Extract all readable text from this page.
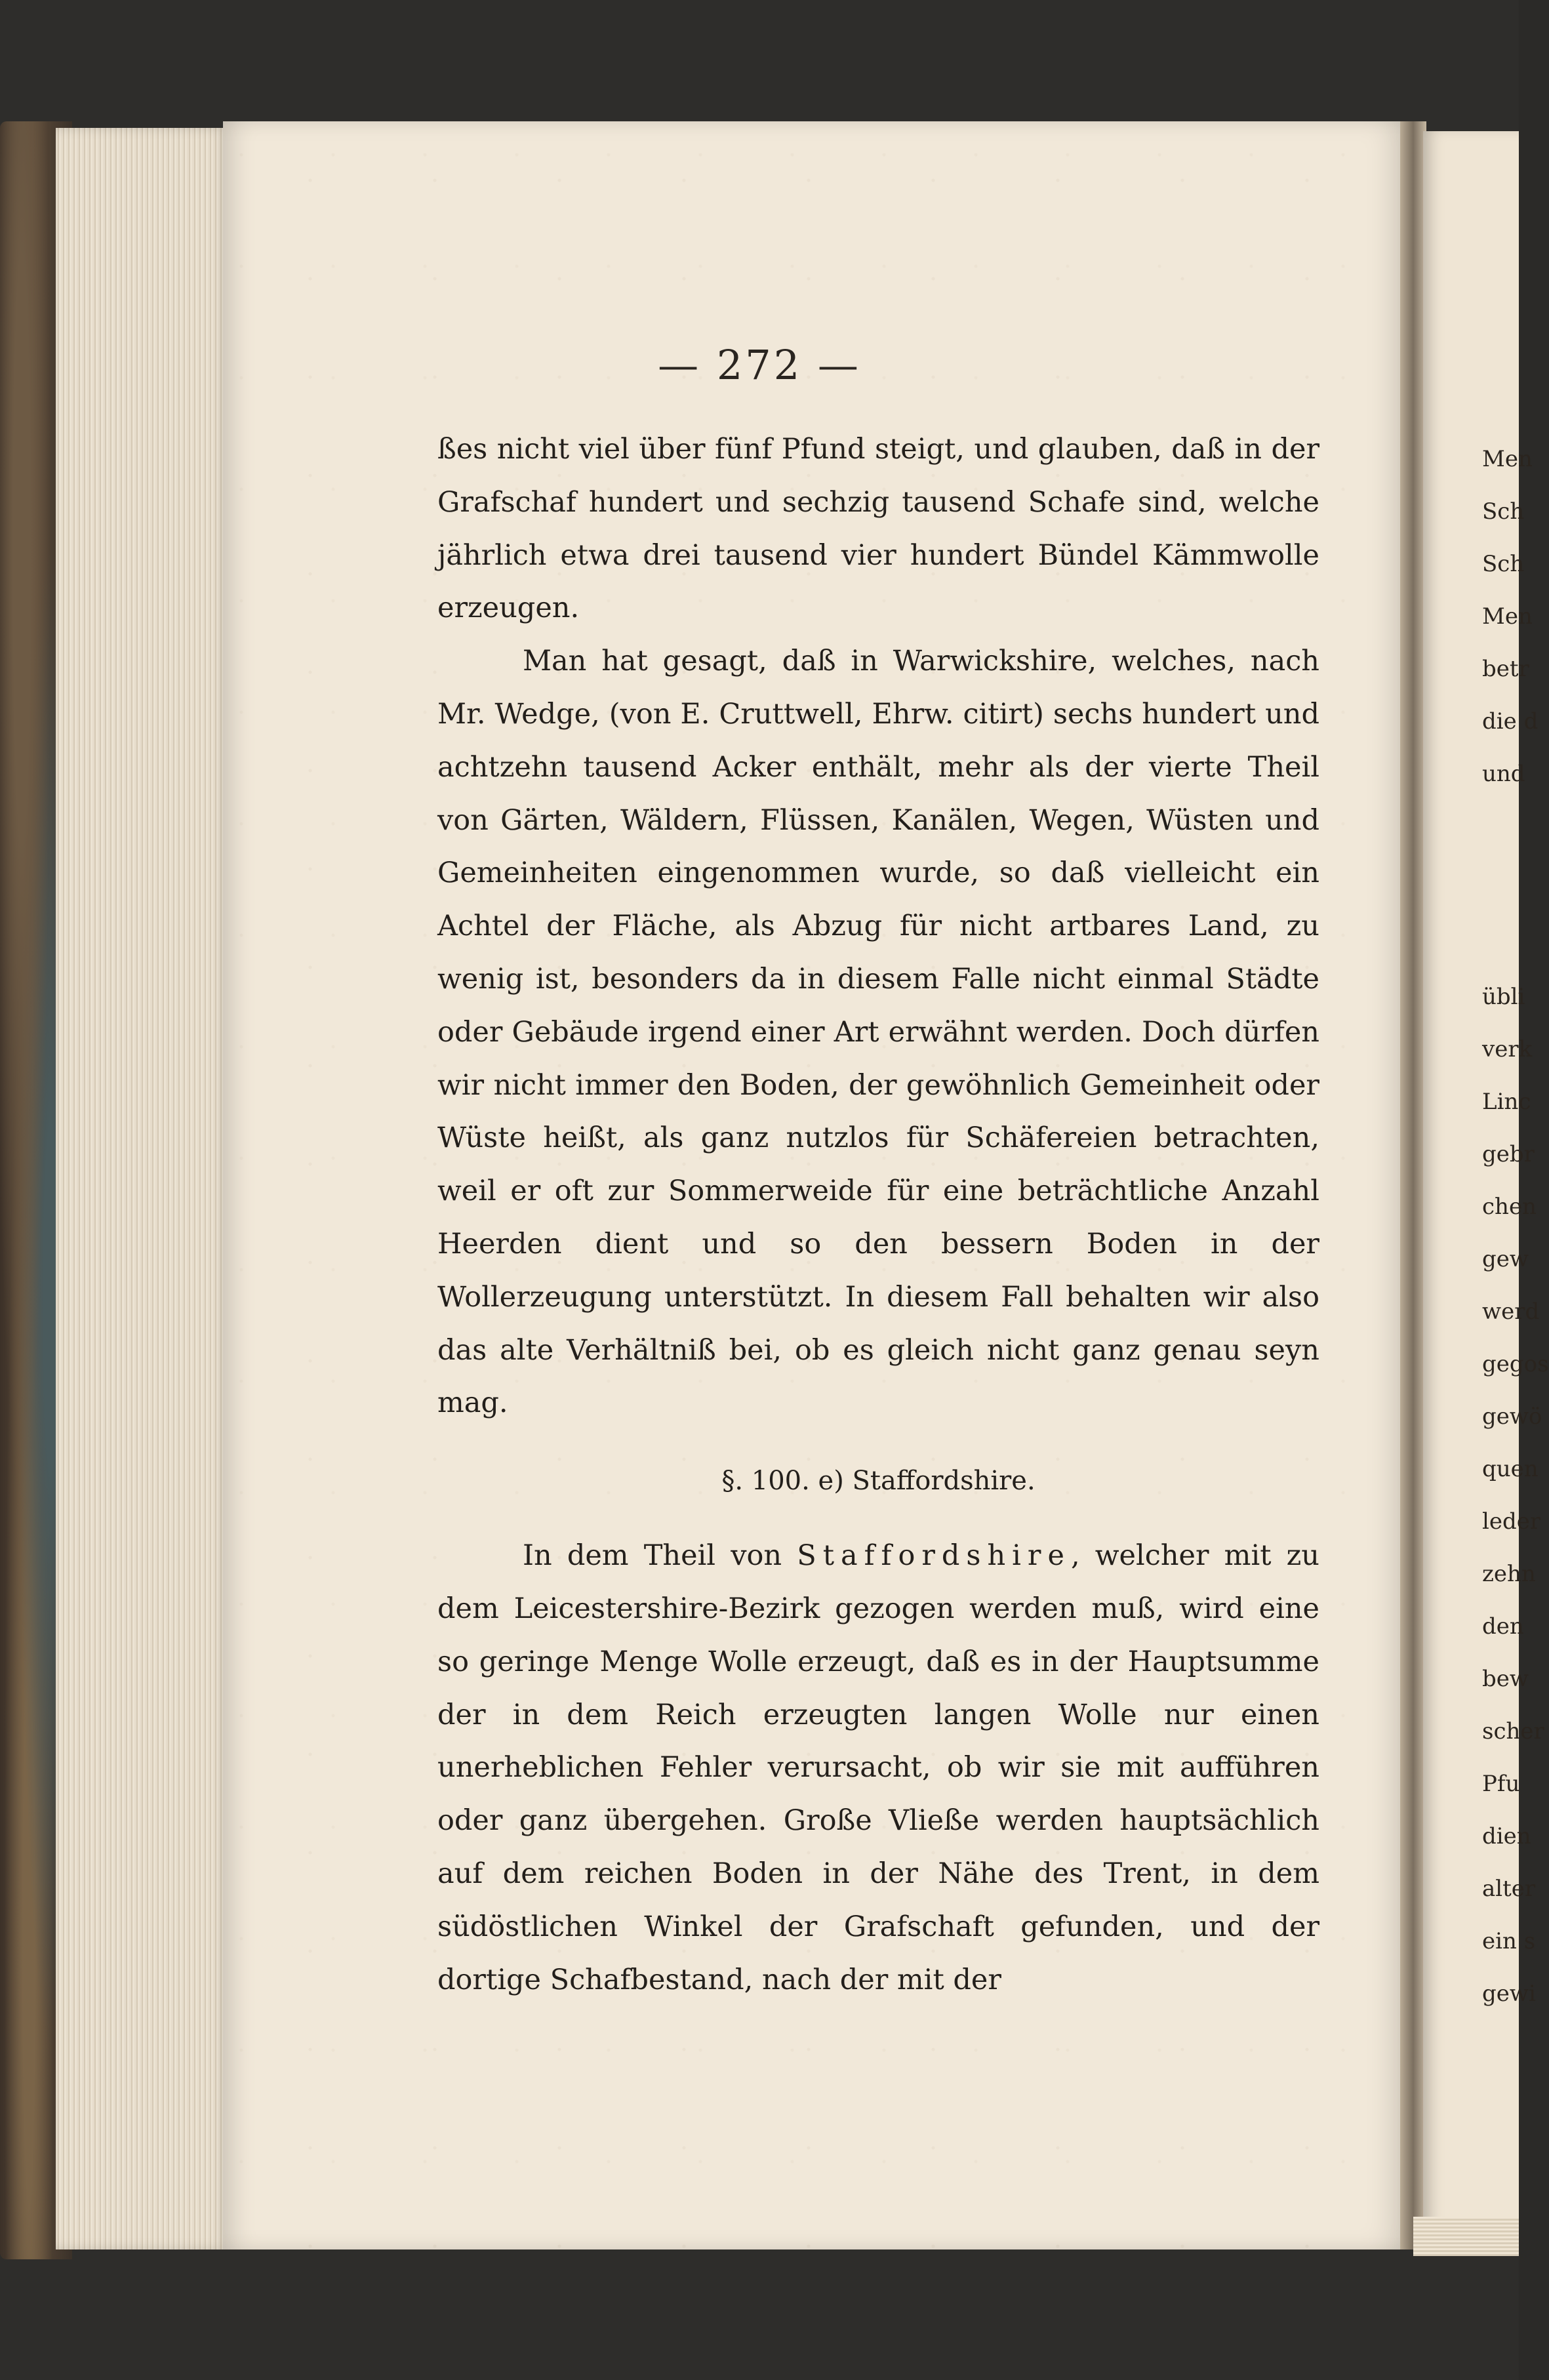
— 272 —

ßes nicht viel über fünf Pfund steigt, und glauben, daß in der Grafschaf hundert und sechzig tausend Schafe sind, welche jährlich etwa drei tausend vier hundert Bündel Kämmwolle erzeugen.

Man hat gesagt, daß in Warwickshire, welches, nach Mr. Wedge, (von E. Cruttwell, Ehrw. citirt) sechs hundert und achtzehn tausend Acker enthält, mehr als der vierte Theil von Gärten, Wäldern, Flüssen, Kanälen, Wegen, Wüsten und Gemeinheiten eingenommen wurde, so daß vielleicht ein Achtel der Fläche, als Abzug für nicht artbares Land, zu wenig ist, besonders da in diesem Falle nicht einmal Städte oder Gebäude irgend einer Art erwähnt werden. Doch dürfen wir nicht immer den Boden, der gewöhnlich Gemeinheit oder Wüste heißt, als ganz nutzlos für Schäfereien betrachten, weil er oft zur Sommerweide für eine beträchtliche Anzahl Heerden dient und so den bessern Boden in der Wollerzeugung unterstützt. In diesem Fall behalten wir also das alte Verhältniß bei, ob es gleich nicht ganz genau seyn mag.

§. 100. e) Staffordshire.

In dem Theil von Staffordshire, welcher mit zu dem Leicestershire-Bezirk gezogen werden muß, wird eine so geringe Menge Wolle erzeugt, daß es in der Hauptsumme der in dem Reich erzeugten langen Wolle nur einen unerheblichen Fehler verursacht, ob wir sie mit aufführen oder ganz übergehen. Große Vließe werden hauptsächlich auf dem reichen Boden in der Nähe des Trent, in dem südöstlichen Winkel der Grafschaft gefunden, und der dortige Schafbestand, nach der mit der

Men
Sch
Sch
Men
betr
die d
und
übli
verk
Linc
gebr
chen
gew
werd
gegos
gewö
quen
leder
zehn
den
bew
scher
Pfu
dien
alter
ein s
gewi
